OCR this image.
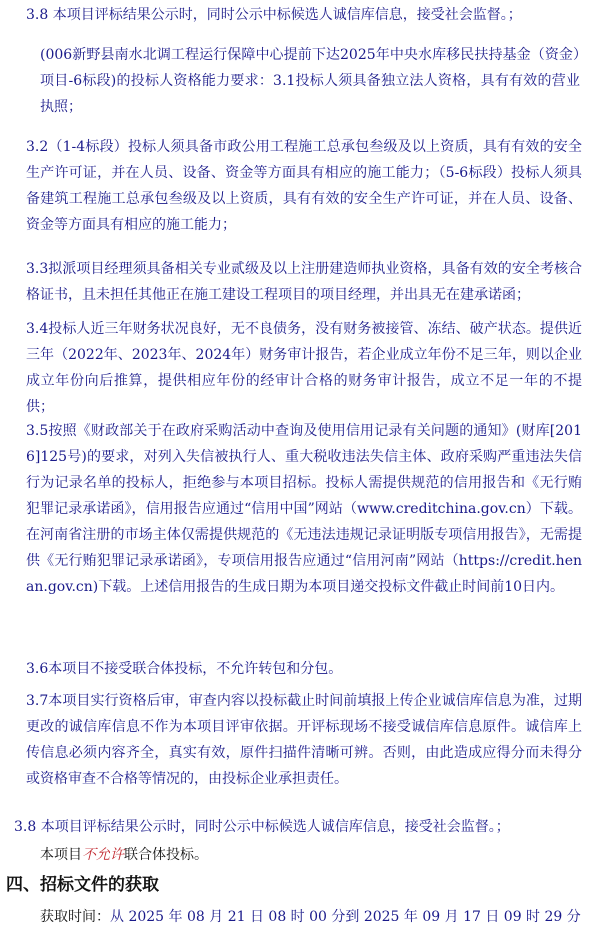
3.8 本项目评标结果公示时，同时公示中标候选人诚信库信息，接受社会监督。；

(006新野县南水北调工程运行保障中心提前下达2025年中央水库移民扶持基金（资金）项目-6标段)的投标人资格能力要求：3.1投标人须具备独立法人资格，具有有效的营业执照；

3.2（1-4标段）投标人须具备市政公用工程施工总承包叁级及以上资质，具有有效的安全生产许可证，并在人员、设备、资金等方面具有相应的施工能力；（5-6标段）投标人须具备建筑工程施工总承包叁级及以上资质，具有有效的安全生产许可证，并在人员、设备、资金等方面具有相应的施工能力；

3.3拟派项目经理须具备相关专业贰级及以上注册建造师执业资格，具备有效的安全考核合格证书，且未担任其他正在施工建设工程项目的项目经理，并出具无在建承诺函；

3.4投标人近三年财务状况良好，无不良债务，没有财务被接管、冻结、破产状态。提供近三年（2022年、2023年、2024年）财务审计报告，若企业成立年份不足三年，则以企业成立年份向后推算，提供相应年份的经审计合格的财务审计报告，成立不足一年的不提供；

3.5按照《财政部关于在政府采购活动中查询及使用信用记录有关问题的通知》(财库[2016]125号)的要求，对列入失信被执行人、重大税收违法失信主体、政府采购严重违法失信行为记录名单的投标人，拒绝参与本项目招标。投标人需提供规范的信用报告和《无行贿犯罪记录承诺函》，信用报告应通过“信用中国”网站（www.creditchina.gov.cn）下载。在河南省注册的市场主体仅需提供规范的《无违法违规记录证明版专项信用报告》，无需提供《无行贿犯罪记录承诺函》，专项信用报告应通过“信用河南”网站（https://credit.henan.gov.cn)下载。上述信用报告的生成日期为本项目递交投标文件截止时间前10日内。

3.6本项目不接受联合体投标，不允许转包和分包。

3.7本项目实行资格后审，审查内容以投标截止时间前填报上传企业诚信库信息为准，过期更改的诚信库信息不作为本项目评审依据。开评标现场不接受诚信库信息原件。诚信库上传信息必须内容齐全，真实有效，原件扫描件清晰可辨。否则，由此造成应得分而未得分或资格审查不合格等情况的，由投标企业承担责任。

3.8 本项目评标结果公示时，同时公示中标候选人诚信库信息，接受社会监督。；

本项目不允许联合体投标。

四、招标文件的获取
获取时间：从 2025 年 08 月 21 日 08 时 00 分到 2025 年 09 月 17 日 09 时 29 分
